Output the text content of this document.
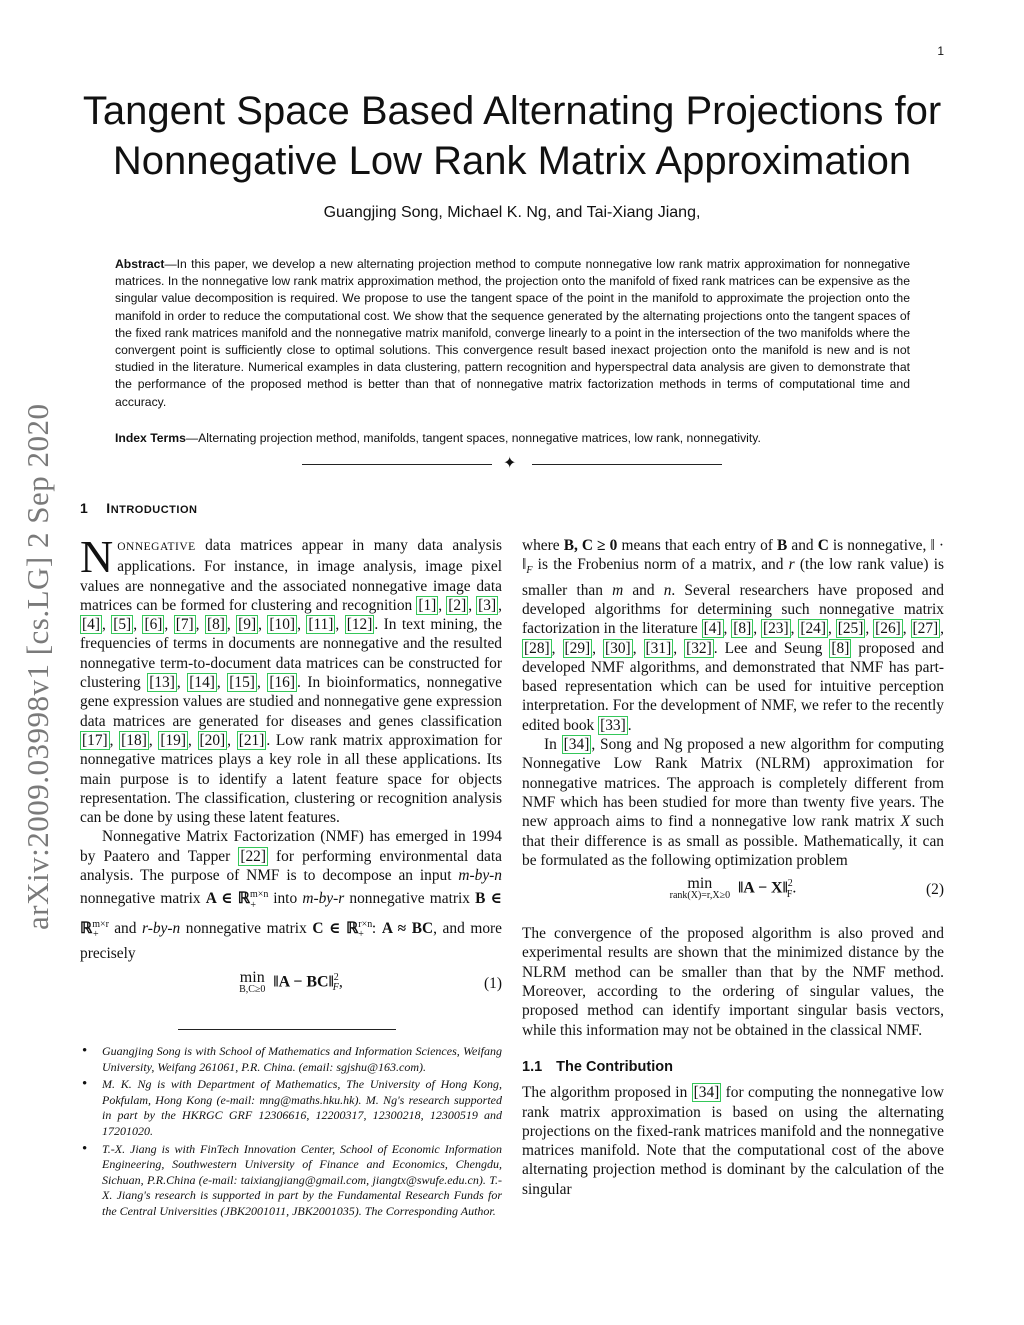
1
Tangent Space Based Alternating Projections for
Nonnegative Low Rank Matrix Approximation
Guangjing Song, Michael K. Ng, and Tai-Xiang Jiang,
Abstract—In this paper, we develop a new alternating projection method to compute nonnegative low rank matrix approximation for nonnegative matrices. In the nonnegative low rank matrix approximation method, the projection onto the manifold of fixed rank matrices can be expensive as the singular value decomposition is required. We propose to use the tangent space of the point in the manifold to approximate the projection onto the manifold in order to reduce the computational cost. We show that the sequence generated by the alternating projections onto the tangent spaces of the fixed rank matrices manifold and the nonnegative matrix manifold, converge linearly to a point in the intersection of the two manifolds where the convergent point is sufficiently close to optimal solutions. This convergence result based inexact projection onto the manifold is new and is not studied in the literature. Numerical examples in data clustering, pattern recognition and hyperspectral data analysis are given to demonstrate that the performance of the proposed method is better than that of nonnegative matrix factorization methods in terms of computational time and accuracy.
Index Terms—Alternating projection method, manifolds, tangent spaces, nonnegative matrices, low rank, nonnegativity.
✦
arXiv:2009.03998v1 [cs.LG] 2 Sep 2020 1 INTRODUCTION

NONNEGATIVE data matrices appear in many data analysis applications. For instance, in image analysis, image pixel values are nonnegative and the associated nonnegative image data matrices can be formed for clustering and recognition [1] , [2] , [3] , [4] , [5] , [6] , [7] , [8] , [9] , [10] , [11] , [12] . In text mining, the frequencies of terms in documents are nonnegative and the resulted nonnegative term-to-document data matrices can be constructed for clustering [13] , [14] , [15] , [16] . In bioinformatics, nonnegative gene expression values are studied and nonnegative gene expression data matrices are generated for diseases and genes classification [17] , [18] , [19] , [20] , [21] . Low rank matrix approximation for nonnegative matrices plays a key role in all these applications. Its main purpose is to identify a latent feature space for objects representation. The classification, clustering or recognition analysis can be done by using these latent features.

Nonnegative Matrix Factorization (NMF) has emerged in 1994 by Paatero and Tapper [22] for performing environmental data analysis. The purpose of NMF is to decompose an input m-by-n nonnegative matrix A ∈ ℝ$^{m\times n}_+$ into m-by-r nonnegative matrix B ∈ ℝ$^{m\times r}_+$ and r-by-n nonnegative matrix C ∈ ℝ$^{r\times n}_+$ : A ≈ BC, and more precisely

min
B,C≥0 ‖A − BC‖$^2_F$,	(1)
• Guangjing Song is with School of Mathematics and Information Sciences, Weifang University, Weifang 261061, P.R. China. (email: sgjshu@163.com).
• M. K. Ng is with Department of Mathematics, The University of Hong Kong, Pokfulam, Hong Kong (e-mail: mng@maths.hku.hk). M. Ng's research supported in part by the HKRGC GRF 12306616, 12200317, 12300218, 12300519 and 17201020.
• T.-X. Jiang is with FinTech Innovation Center, School of Economic Information Engineering, Southwestern University of Finance and Economics, Chengdu, Sichuan, P.R.China (e-mail: taixiangjiang@gmail.com, jiangtx@swufe.edu.cn). T.-X. Jiang's research is supported in part by the Fundamental Research Funds for the Central Universities (JBK2001011, JBK2001035). The Corresponding Author.

where B, C ≥ 0 means that each entry of B and C is nonnegative, ‖ · $‖_F$ is the Frobenius norm of a matrix, and r (the low rank value) is smaller than m and n. Several researchers have proposed and developed algorithms for determining such nonnegative matrix factorization in the literature [4] , [8] , [23] , [24] , [25] , [26] , [27] , [28] , [29] , [30] , [31] , [32] . Lee and Seung [8] proposed and developed NMF algorithms, and demonstrated that NMF has part-based representation which can be used for intuitive perception interpretation. For the development of NMF, we refer to the recently edited book [33] .

In [34] , Song and Ng proposed a new algorithm for computing Nonnegative Low Rank Matrix (NLRM) approximation for nonnegative matrices. The approach is completely different from NMF which has been studied for more than twenty five years. The new approach aims to find a nonnegative low rank matrix X such that their difference is as small as possible. Mathematically, it can be formulated as the following optimization problem

min
rank(X)=r,X≥0 ‖A − X‖$^2_F$.	(2)

The convergence of the proposed algorithm is also proved and experimental results are shown that the minimized distance by the NLRM method can be smaller than that by the NMF method. Moreover, according to the ordering of singular values, the proposed method can identify important singular basis vectors, while this information may not be obtained in the classical NMF.

1.1 The Contribution

The algorithm proposed in [34] for computing the nonnegative low rank matrix approximation is based on using the alternating projections on the fixed-rank matrices manifold and the nonnegative matrices manifold. Note that the computational cost of the above alternating projection method is dominant by the calculation of the singular
